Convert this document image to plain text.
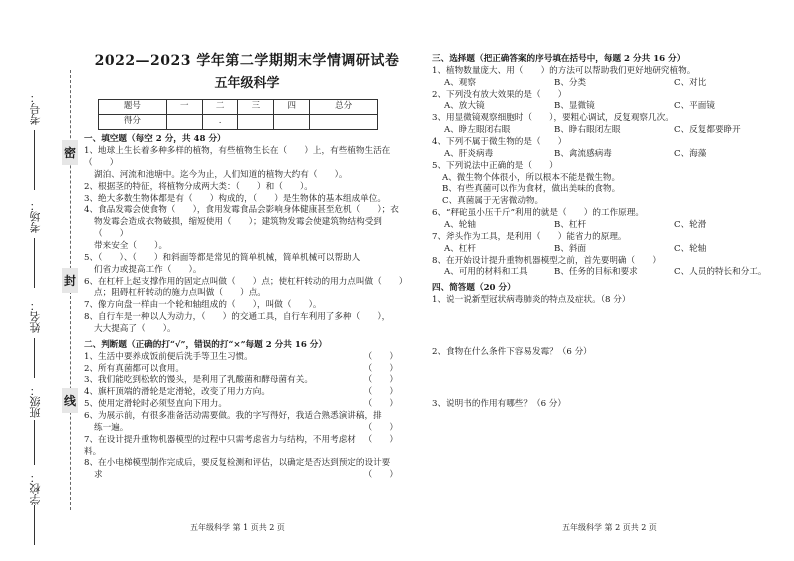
考号：
考场：
姓名：
班级：
学校：
密
封
线
2022—2023 学年第二学期期末学情调研试卷
五年级科学
题号	一	二	三	四	总分
得分		.			
一、填空题（每空 2 分，共 48 分）
1、地球上生长着多种多样的植物，有些植物生长在（　　）上，有些植物生活在（　　）
湖泊、河流和池塘中。迄今为止，人们知道的植物大约有（　　）。
2、根据茎的特征，将植物分成两大类：（　　）和（　　）。
3、绝大多数生物体都是有（　　）构成的，（　　）是生物体的基本组成单位。
4、食品发霉会使食物（　　），食用发霉食品会影响身体健康甚至危机（　　）；衣
物发霉会造成衣物破损，缩短使用（　　）；建筑物发霉会使建筑物结构受到（　　）
带来安全（　　）。
5、（　　）、（　　）和斜面等都是常见的简单机械，简单机械可以帮助人
们省力或提高工作（　　）。
6、在杠杆上起支撑作用的固定点叫做（　　）点；使杠杆转动的用力点叫做（　　）
点；阻碍杠杆转动的施力点叫做（　　）点。
7、像方向盘一样由一个轮和轴组成的（　　），叫做（　　）。
8、自行车是一种以人为动力，（　　）的交通工具，自行车利用了多种（　　），
大大提高了（　　）。
二、判断题（正确的打“√”，错误的打“×”每题 2 分共 16 分）
1、生活中要养成饭前便后洗手等卫生习惯。	（　　）
2、所有真菌都可以食用。	（　　）
3、我们能吃到松软的馒头，是利用了乳酸菌和酵母菌有关。	（　　）
4、旗杆顶端的滑轮是定滑轮，改变了用力方向。	（　　）
5、使用定滑轮时必须竖直向下用力。	（　　）
6、为展示前，有很多准备活动需要做。我的字写得好，我适合熟悉演讲稿，排
练一遍。	（　　）
7、在设计提升重物机器模型的过程中只需考虑省力与结构，不用考虑材料。
（　　）
8、在小电梯模型制作完成后，要反复检测和评估，以确定是否达到预定的设计要
求	（　　）
五年级科学 第 1 页共 2 页
三、选择题（把正确答案的序号填在括号中，每题 2 分共 16 分）
1、植物数量庞大、用（　　）的方法可以帮助我们更好地研究植物。
A、观察	B、分类	C、对比
2、下列没有放大效果的是（　　）
A、放大镜	B、显微镜	C、平面镜
3、用显微镜观察细胞时（　　），要粗心调试，反复观察几次。
A、睁左眼闭右眼	B、睁右眼闭左眼	C、反复都要睁开
4、下列不属于微生物的是（　　）
A、肝炎病毒	B、禽流感病毒	C、海藻
5、下列说法中正确的是（　　）
A、微生物个体很小，所以根本不能是微生物。
B、有些真菌可以作为食材，做出美味的食物。
C、真菌属于无害微动物。
6、“秤砣虽小压千斤”利用的就是（　　）的工作原理。
A、轮轴	B、杠杆	C、轮滑
7、斧头作为工具，是利用（　　）能省力的原理。
A、杠杆	B、斜面	C、轮轴
8、在开始设计提升重物机器模型之前，首先要明确（　　）
A、可用的材料和工具	B、任务的目标和要求	C、人员的特长和分工。
四、简答题（20 分）
1、说一说新型冠状病毒肺炎的特点及症状。（8 分）
2、食物在什么条件下容易发霉？（6 分）
3、说明书的作用有哪些？（6 分）
五年级科学 第 2 页共 2 页
